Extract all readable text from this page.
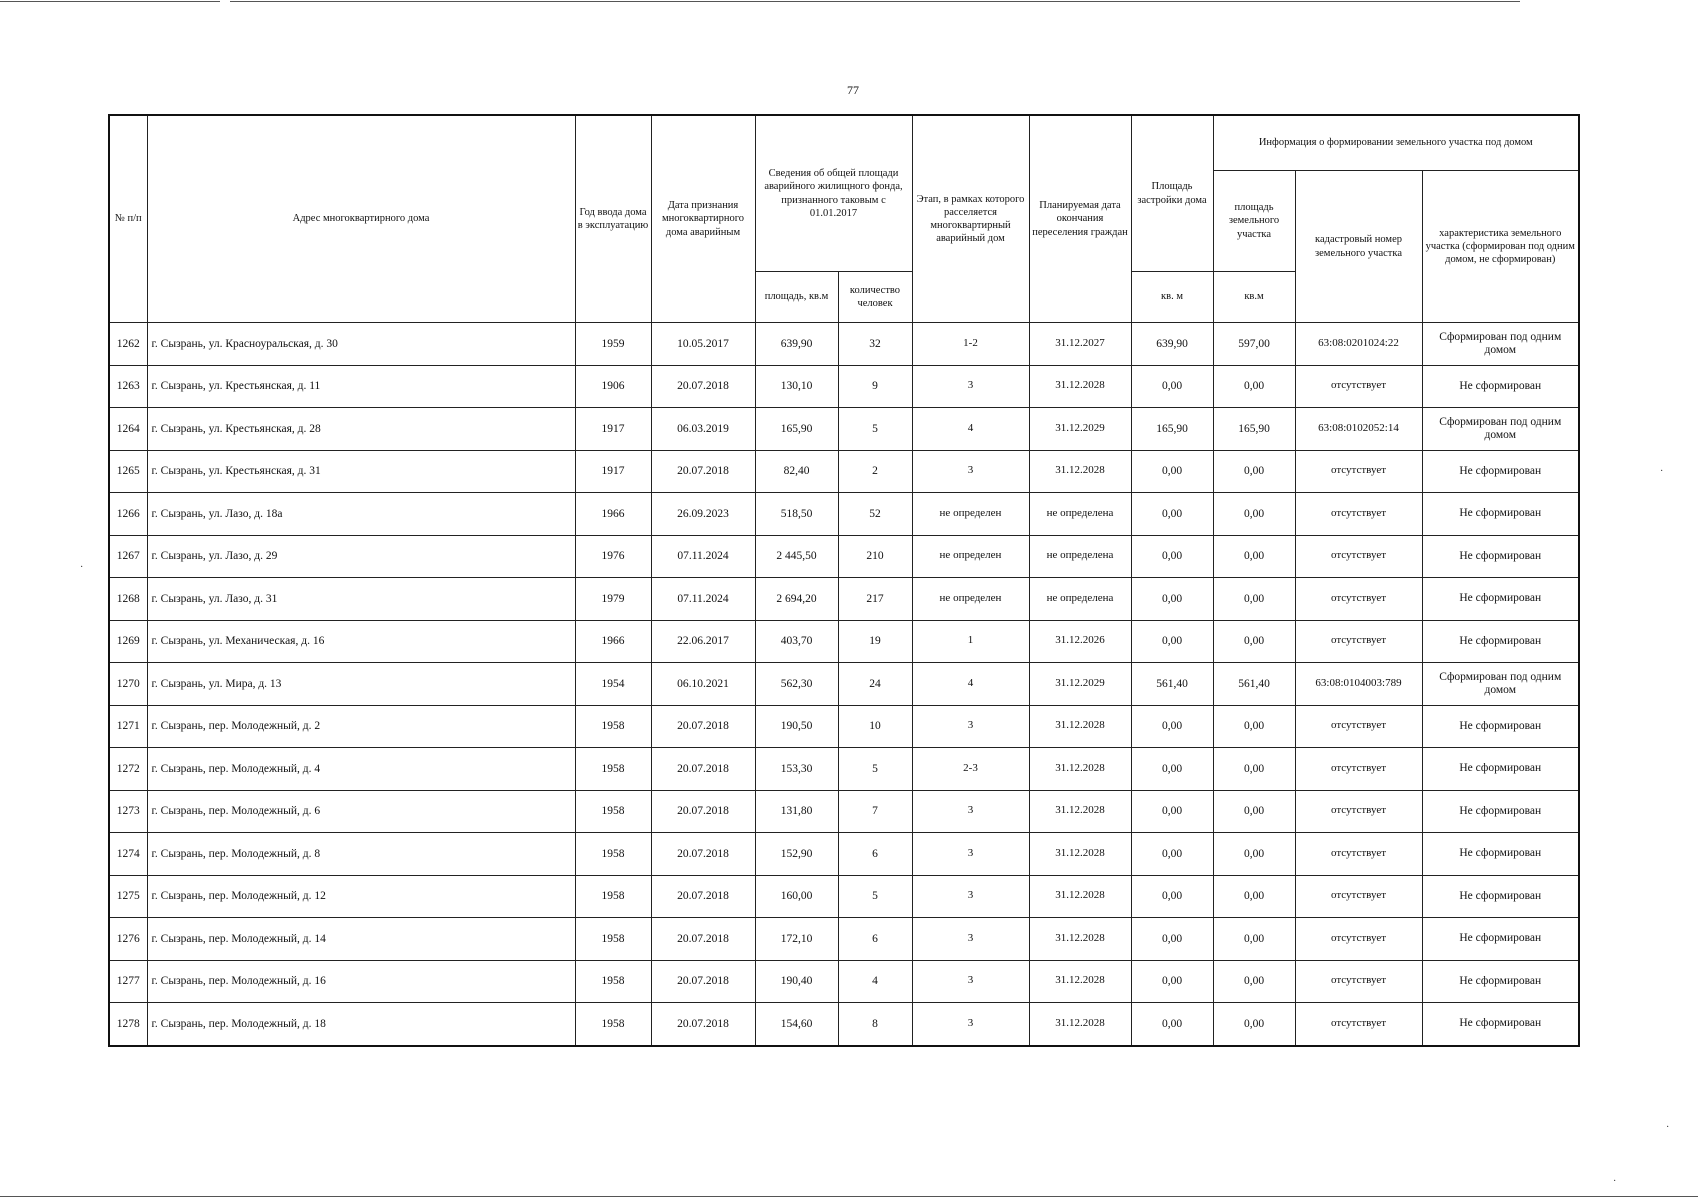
77
·
·
·
·
№ п/п	Адрес многоквартирного дома	Год ввода дома в эксплуатацию	Дата признания многоквартирного дома аварийным	Сведения об общей площади аварийного жилищного фонда, признанного таковым с 01.01.2017		Этап, в рамках которого расселяется многоквартирный аварийный дом	Планируемая дата окончания переселения граждан	Площадь застройки дома	Информация о формировании земельного участка под домом		
									площадь земельного участка	кадастровый номер земельного участка	характеристика земельного участка (сформирован под одним домом, не сформирован)
				площадь, кв.м	количество человек			кв. м	кв.м		
1262	г. Сызрань, ул. Красноуральская, д. 30	1959	10.05.2017	639,90	32	1-2	31.12.2027	639,90	597,00	63:08:0201024:22	Сформирован под одним домом
1263	г. Сызрань, ул. Крестьянская, д. 11	1906	20.07.2018	130,10	9	3	31.12.2028	0,00	0,00	отсутствует	Не сформирован
1264	г. Сызрань, ул. Крестьянская, д. 28	1917	06.03.2019	165,90	5	4	31.12.2029	165,90	165,90	63:08:0102052:14	Сформирован под одним домом
1265	г. Сызрань, ул. Крестьянская, д. 31	1917	20.07.2018	82,40	2	3	31.12.2028	0,00	0,00	отсутствует	Не сформирован
1266	г. Сызрань, ул. Лазо, д. 18а	1966	26.09.2023	518,50	52	не определен	не определена	0,00	0,00	отсутствует	Не сформирован
1267	г. Сызрань, ул. Лазо, д. 29	1976	07.11.2024	2 445,50	210	не определен	не определена	0,00	0,00	отсутствует	Не сформирован
1268	г. Сызрань, ул. Лазо, д. 31	1979	07.11.2024	2 694,20	217	не определен	не определена	0,00	0,00	отсутствует	Не сформирован
1269	г. Сызрань, ул. Механическая, д. 16	1966	22.06.2017	403,70	19	1	31.12.2026	0,00	0,00	отсутствует	Не сформирован
1270	г. Сызрань, ул. Мира, д. 13	1954	06.10.2021	562,30	24	4	31.12.2029	561,40	561,40	63:08:0104003:789	Сформирован под одним домом
1271	г. Сызрань, пер. Молодежный, д. 2	1958	20.07.2018	190,50	10	3	31.12.2028	0,00	0,00	отсутствует	Не сформирован
1272	г. Сызрань, пер. Молодежный, д. 4	1958	20.07.2018	153,30	5	2-3	31.12.2028	0,00	0,00	отсутствует	Не сформирован
1273	г. Сызрань, пер. Молодежный, д. 6	1958	20.07.2018	131,80	7	3	31.12.2028	0,00	0,00	отсутствует	Не сформирован
1274	г. Сызрань, пер. Молодежный, д. 8	1958	20.07.2018	152,90	6	3	31.12.2028	0,00	0,00	отсутствует	Не сформирован
1275	г. Сызрань, пер. Молодежный, д. 12	1958	20.07.2018	160,00	5	3	31.12.2028	0,00	0,00	отсутствует	Не сформирован
1276	г. Сызрань, пер. Молодежный, д. 14	1958	20.07.2018	172,10	6	3	31.12.2028	0,00	0,00	отсутствует	Не сформирован
1277	г. Сызрань, пер. Молодежный, д. 16	1958	20.07.2018	190,40	4	3	31.12.2028	0,00	0,00	отсутствует	Не сформирован
1278	г. Сызрань, пер. Молодежный, д. 18	1958	20.07.2018	154,60	8	3	31.12.2028	0,00	0,00	отсутствует	Не сформирован
